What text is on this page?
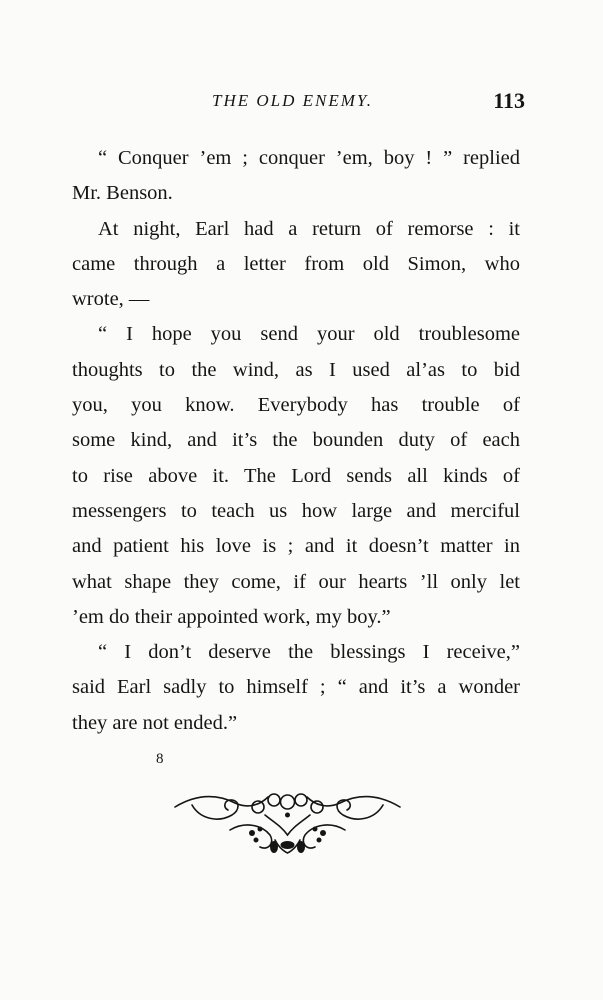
THE OLD ENEMY.	113
“ Conquer ’em ; conquer ’em, boy ! ” replied
Mr. Benson.
At night, Earl had a return of remorse : it
came through a letter from old Simon, who
wrote, —
“ I hope you send your old troublesome
thoughts to the wind, as I used al’as to bid
you, you know. Everybody has trouble of
some kind, and it’s the bounden duty of each
to rise above it. The Lord sends all kinds of
messengers to teach us how large and merciful
and patient his love is ; and it doesn’t matter in
what shape they come, if our hearts ’ll only let
’em do their appointed work, my boy.”
“ I don’t deserve the blessings I receive,”
said Earl sadly to himself ; “ and it’s a wonder
they are not ended.”
8
